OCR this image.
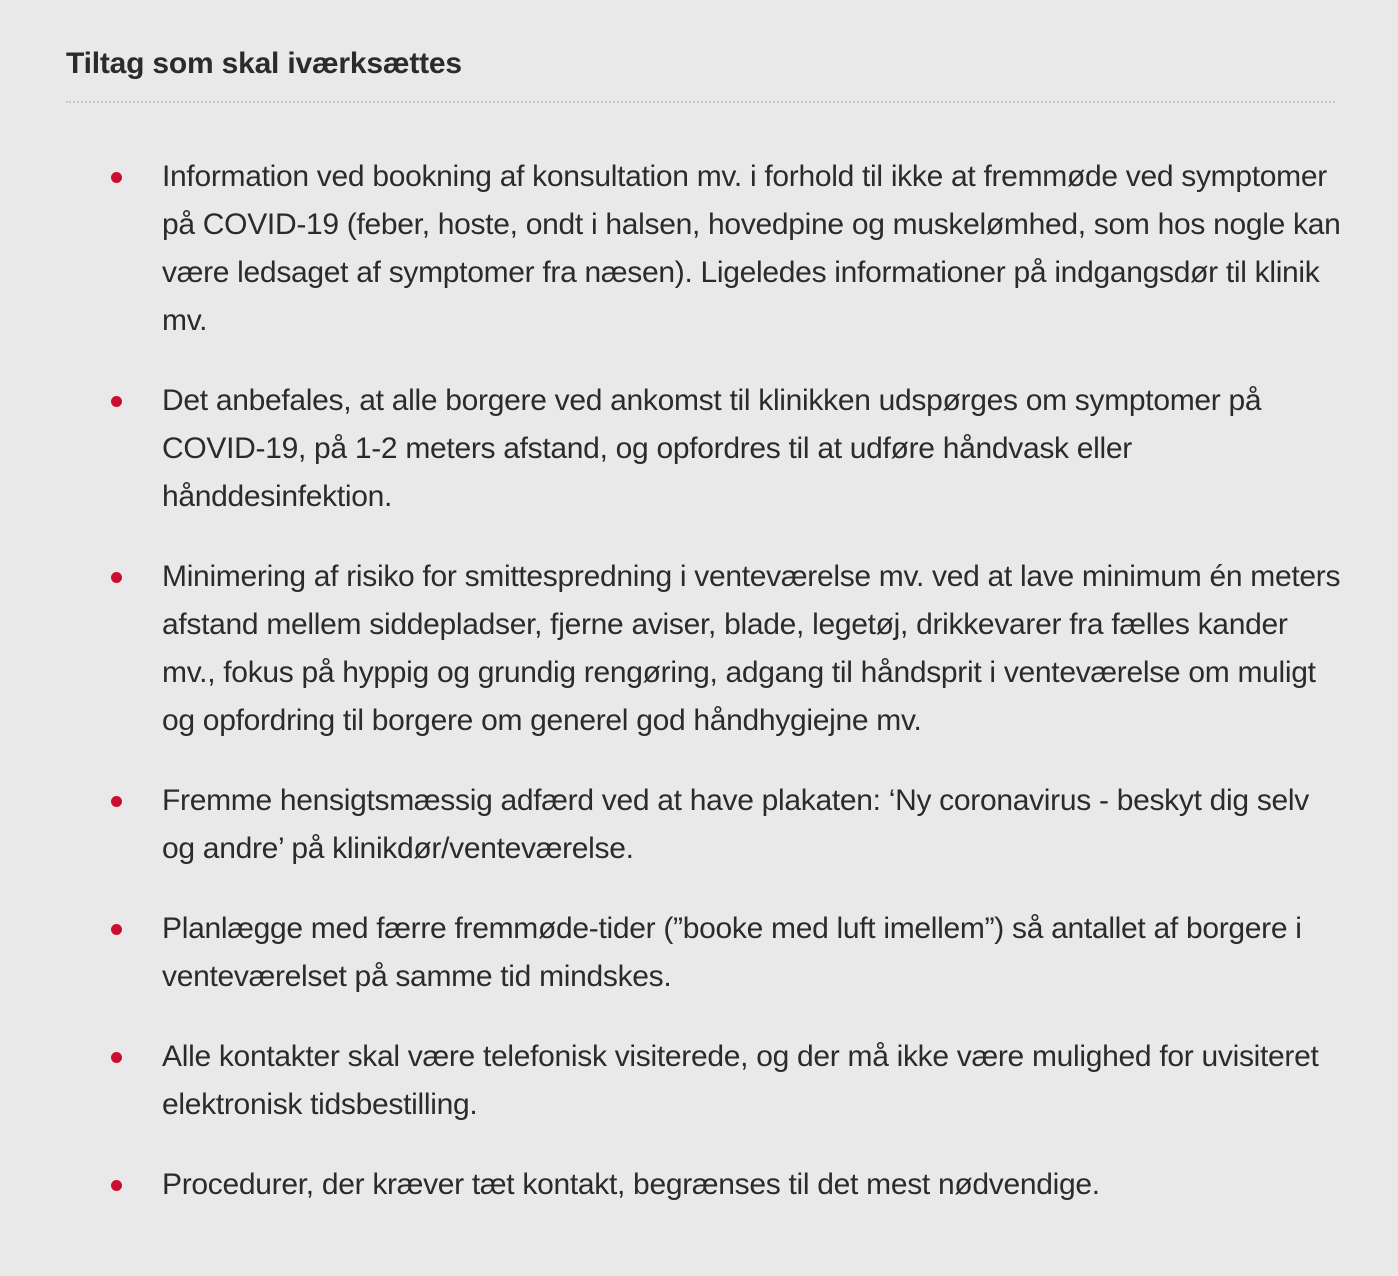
Tiltag som skal iværksættes
Information ved bookning af konsultation mv. i forhold til ikke at fremmøde ved symptomer på COVID-19 (feber, hoste, ondt i halsen, hovedpine og muskelømhed, som hos nogle kan være ledsaget af symptomer fra næsen). Ligeledes informationer på indgangsdør til klinik mv.
Det anbefales, at alle borgere ved ankomst til klinikken udspørges om symptomer på COVID-19, på 1-2 meters afstand, og opfordres til at udføre håndvask eller hånddesinfektion.
Minimering af risiko for smittespredning i venteværelse mv. ved at lave minimum én meters afstand mellem siddepladser, fjerne aviser, blade, legetøj, drikkevarer fra fælles kander mv., fokus på hyppig og grundig rengøring, adgang til håndsprit i venteværelse om muligt og opfordring til borgere om generel god håndhygiejne mv.
Fremme hensigtsmæssig adfærd ved at have plakaten: ‘Ny coronavirus - beskyt dig selv og andre’ på klinikdør/venteværelse.
Planlægge med færre fremmøde-tider (”booke med luft imellem”) så antallet af borgere i venteværelset på samme tid mindskes.
Alle kontakter skal være telefonisk visiterede, og der må ikke være mulighed for uvisiteret elektronisk tidsbestilling.
Procedurer, der kræver tæt kontakt, begrænses til det mest nødvendige.
